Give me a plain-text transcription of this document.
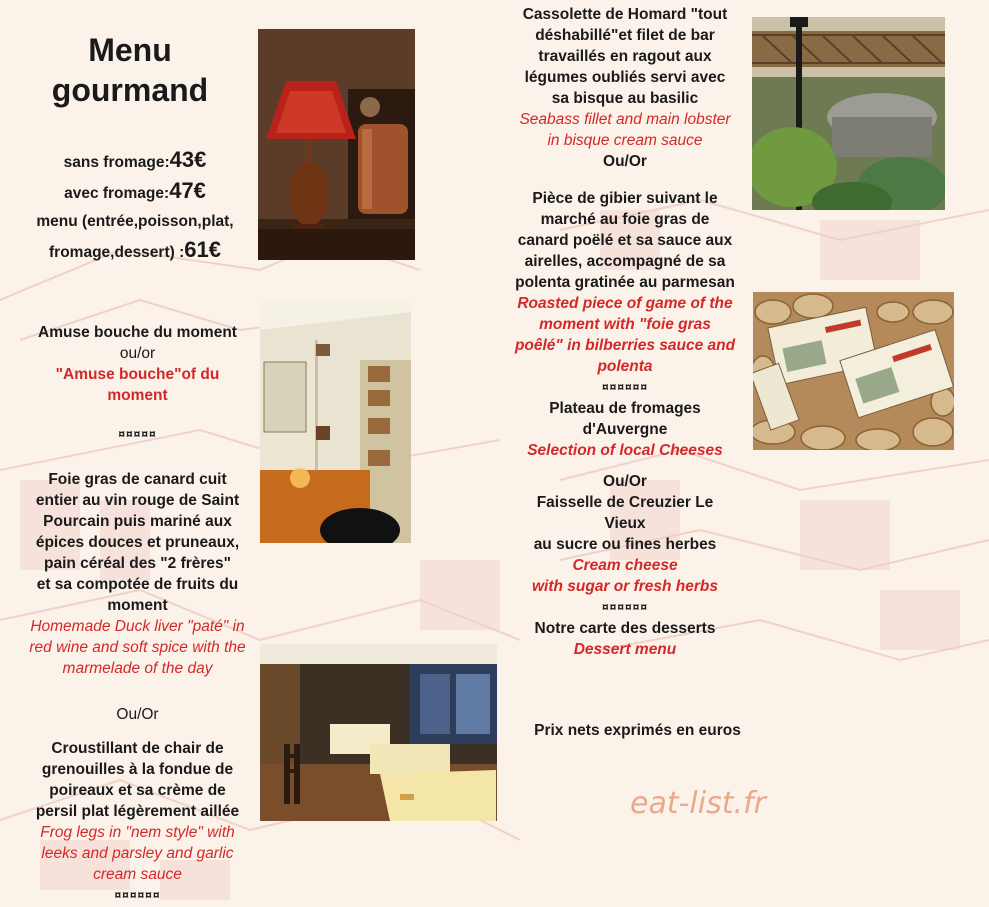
Menu
gourmand
sans fromage:43€
avec fromage:47€
menu (entrée,poisson,plat,
fromage,dessert) :61€
Amuse bouche du moment
ou/or
"Amuse bouche"of du
moment
¤¤¤¤¤
Foie gras de canard cuit
entier au vin rouge de Saint
Pourcain puis mariné aux
épices douces et pruneaux,
pain céréal des "2 frères"
et sa compotée de fruits du
moment
Homemade Duck liver "paté" in
red wine and soft spice with the
marmelade of the day
Ou/Or
Croustillant de chair de
grenouilles à la fondue de
poireaux et sa crème de
persil plat légèrement aillée
Frog legs in "nem style" with
leeks and parsley and garlic
cream sauce
¤¤¤¤¤¤
Cassolette de Homard "tout
déshabillé"et filet de bar
travaillés en ragout aux
légumes oubliés servi avec
sa bisque au basilic
Seabass fillet and main lobster
in bisque cream sauce
Ou/Or
Pièce de gibier suivant le
marché au foie gras de
canard poëlé et sa sauce aux
airelles, accompagné de sa
polenta gratinée au parmesan
Roasted piece of game of the
moment with "foie gras
poêlé" in bilberries sauce and
polenta
¤¤¤¤¤¤
Plateau de fromages
d'Auvergne
Selection of local Cheeses
Ou/Or
Faisselle de Creuzier Le
Vieux
au sucre ou fines herbes
Cream cheese
with sugar or fresh herbs
¤¤¤¤¤¤
Notre carte des desserts
Dessert menu
Prix nets exprimés en euros
eat-list.fr
